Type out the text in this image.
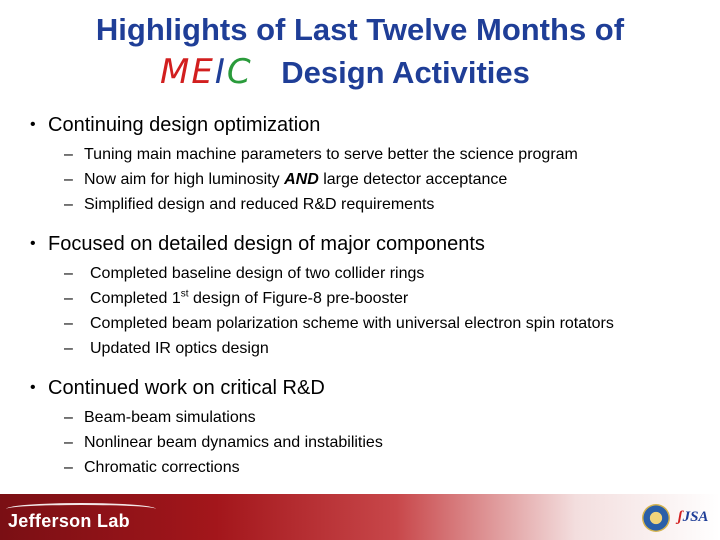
Highlights of Last Twelve Months of
MEIC Design Activities

• Continuing design optimization

– Tuning main machine parameters to serve better the science program
– Now aim for high luminosity AND large detector acceptance
– Simplified design and reduced R&D requirements

• Focused on detailed design of major components

– Completed baseline design of two collider rings
– Completed 1st design of Figure-8 pre-booster
– Completed beam polarization scheme with universal electron spin rotators
– Updated IR optics design

• Continued work on critical R&D

– Beam-beam simulations
– Nonlinear beam dynamics and instabilities
– Chromatic corrections
Jefferson Lab	ʃJSA
